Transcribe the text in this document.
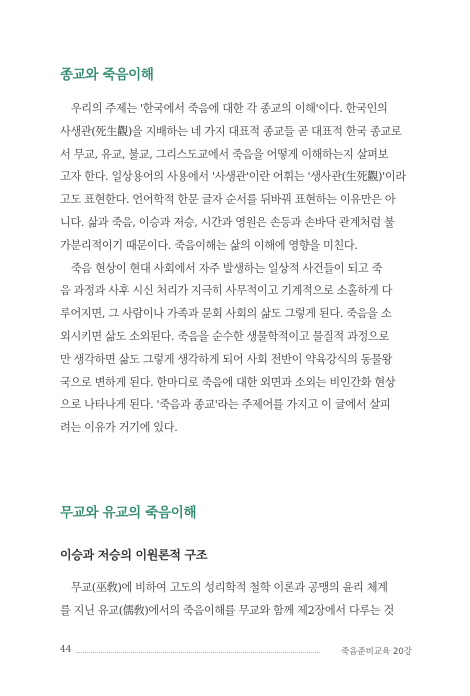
종교와 죽음이해
　우리의 주제는 '한국에서 죽음에 대한 각 종교의 이해'이다. 한국인의
사생관(死生觀)을 지배하는 네 가지 대표적 종교들 곧 대표적 한국 종교로
서 무교, 유교, 불교, 그리스도교에서 죽음을 어떻게 이해하는지 살펴보
고자 한다. 일상용어의 사용에서 '사생관'이란 어휘는 '생사관(生死觀)'이라
고도 표현한다. 언어학적 한문 글자 순서를 뒤바꿔 표현하는 이유만은 아
니다. 삶과 죽음, 이승과 저승, 시간과 영원은 손등과 손바닥 관계처럼 불
가분리적이기 때문이다. 죽음이해는 삶의 이해에 영향을 미친다.
　죽음 현상이 현대 사회에서 자주 발생하는 일상적 사건들이 되고 죽
음 과정과 사후 시신 처리가 지극히 사무적이고 기계적으로 소홀하게 다
루어지면, 그 사람이나 가족과 문회 사회의 삶도 그렇게 된다. 죽음을 소
외시키면 삶도 소외된다. 죽음을 순수한 생물학적이고 물질적 과정으로
만 생각하면 삶도 그렇게 생각하게 되어 사회 전반이 약육강식의 동물왕
국으로 변하게 된다. 한마디로 죽음에 대한 외면과 소외는 비인간화 현상
으로 나타나게 된다. '죽음과 종교'라는 주제어를 가지고 이 글에서 살피
려는 이유가 거기에 있다.
무교와 유교의 죽음이해
이승과 저승의 이원론적 구조
　무교(巫敎)에 비하여 고도의 성리학적 철학 이론과 공맹의 윤리 체계
를 지닌 유교(儒敎)에서의 죽음이해를 무교와 함께 제2장에서 다루는 것
44	죽음준비교육 20강
